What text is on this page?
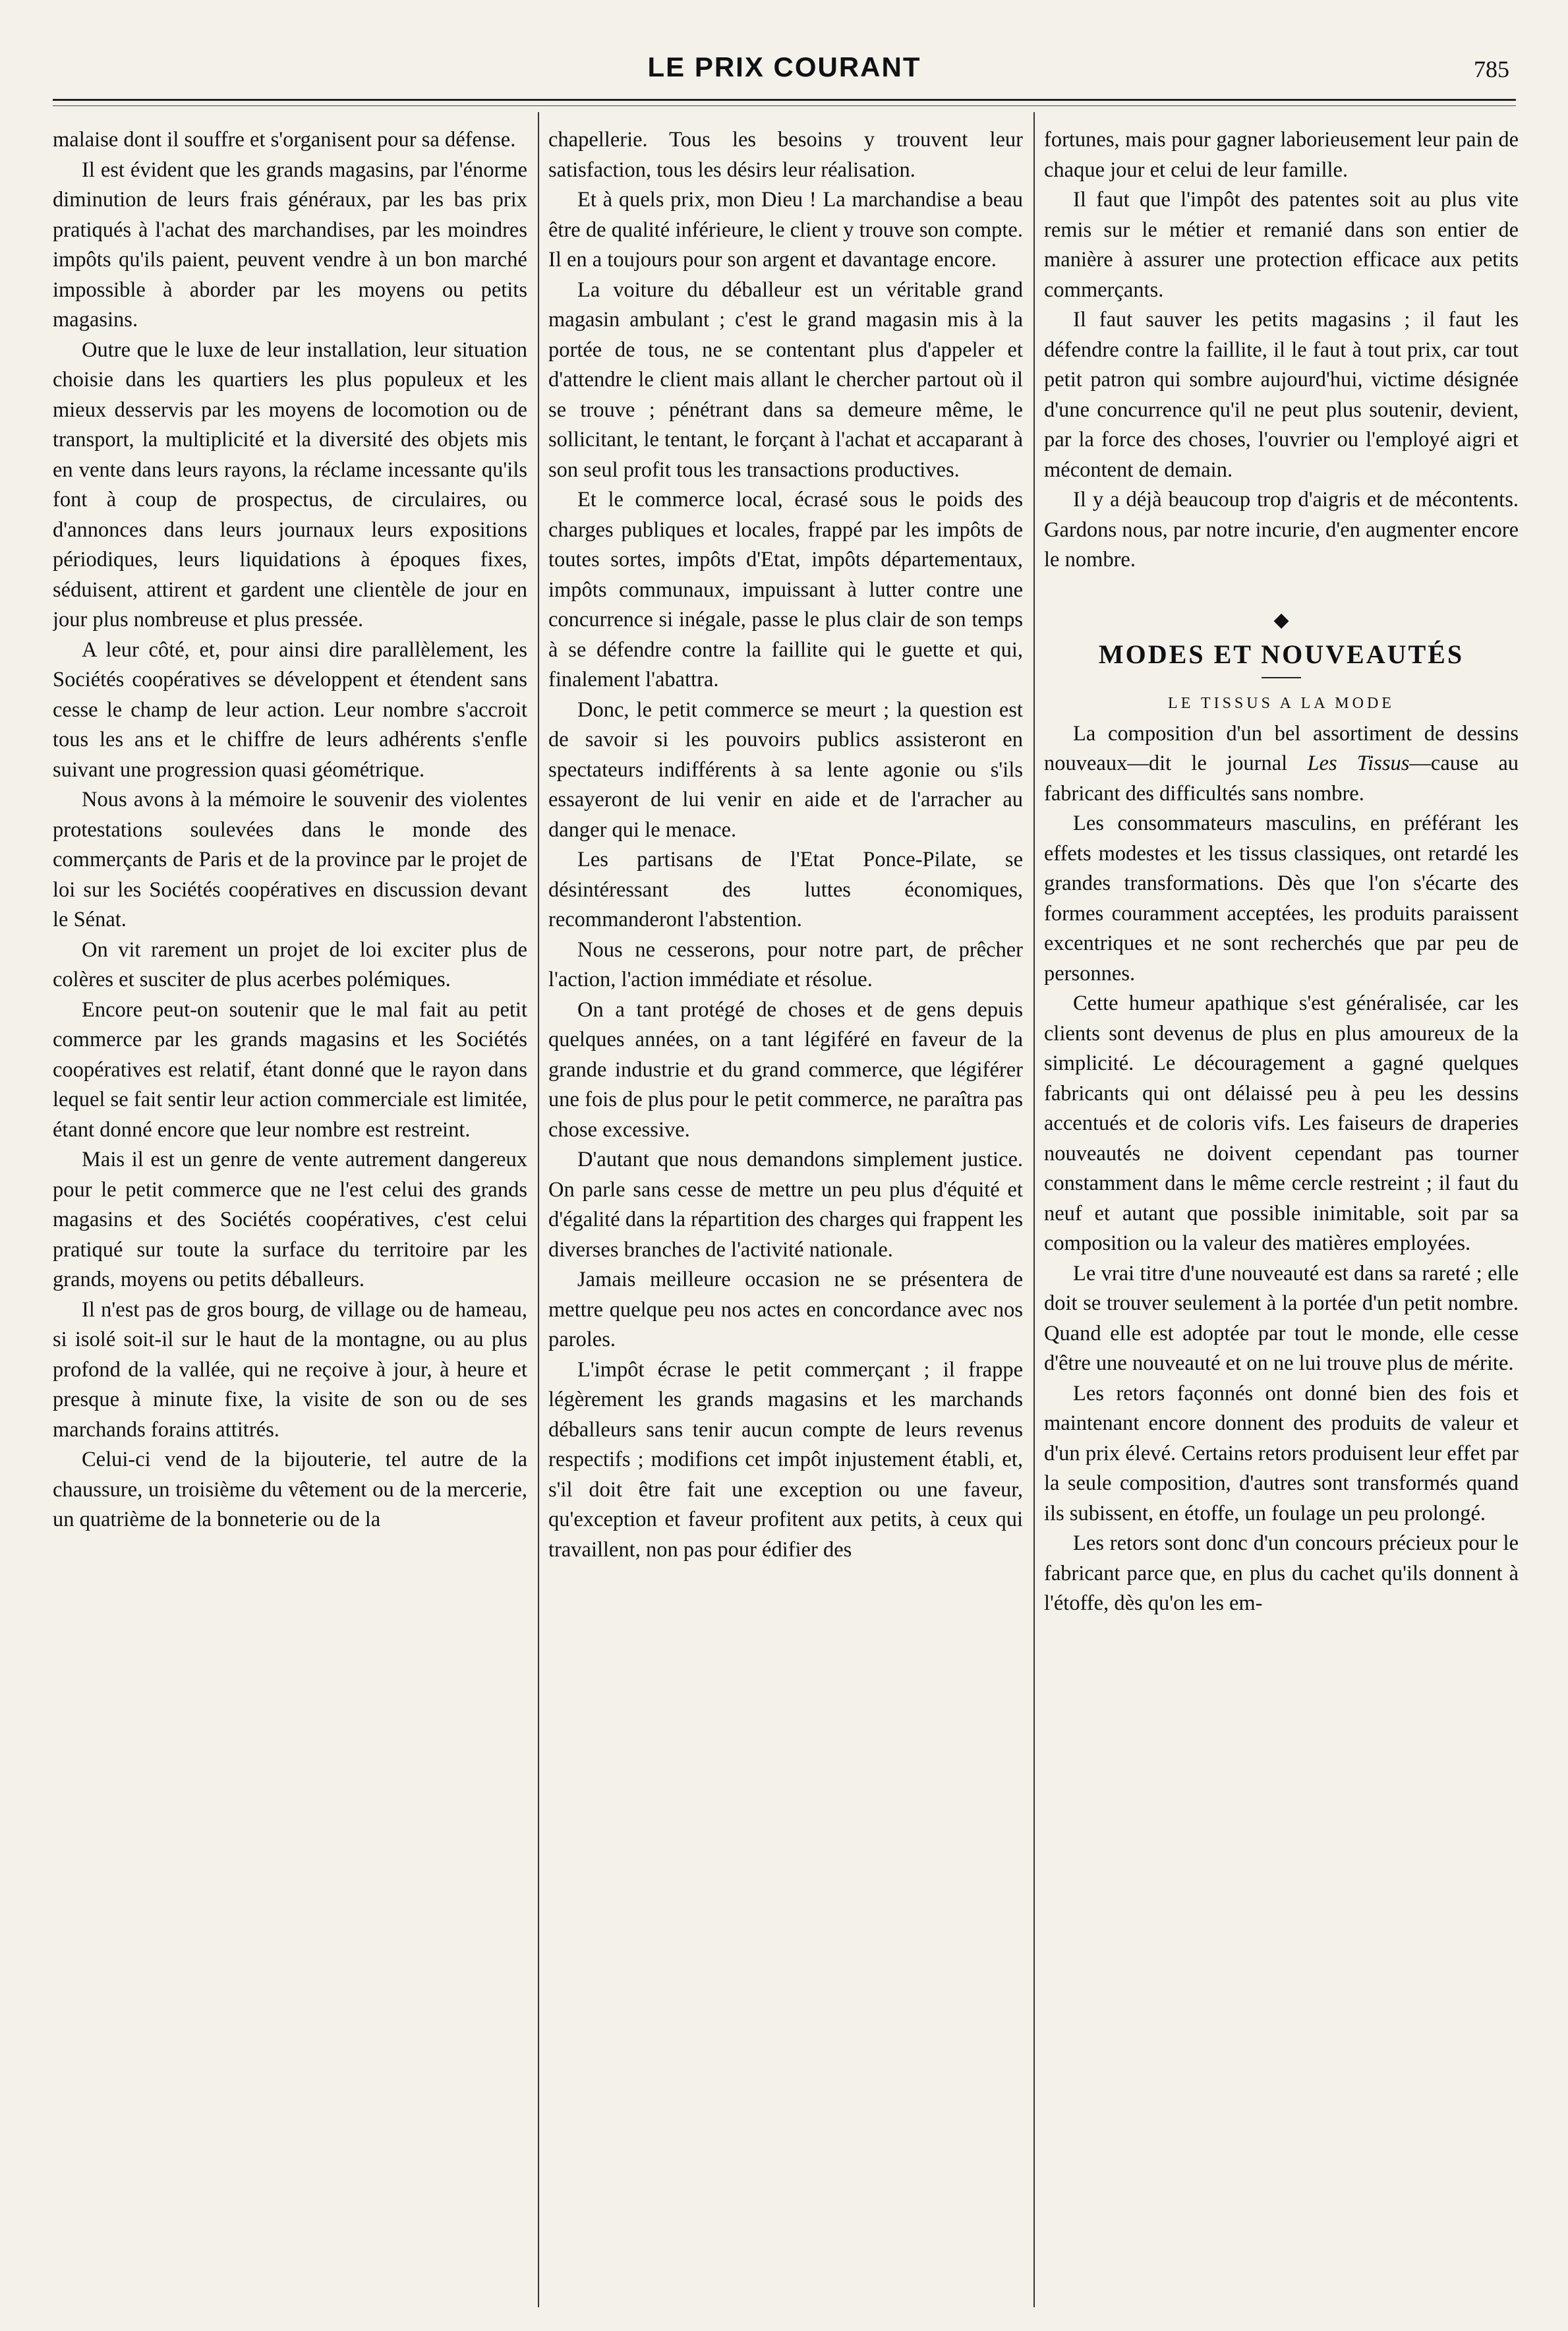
LE PRIX COURANT	785

malaise dont il souffre et s'organisent pour sa défense.

Il est évident que les grands magasins, par l'énorme diminution de leurs frais généraux, par les bas prix pratiqués à l'achat des marchandises, par les moindres impôts qu'ils paient, peuvent vendre à un bon marché impossible à aborder par les moyens ou petits magasins.

Outre que le luxe de leur installation, leur situation choisie dans les quartiers les plus populeux et les mieux desservis par les moyens de locomotion ou de transport, la multiplicité et la diversité des objets mis en vente dans leurs rayons, la réclame incessante qu'ils font à coup de prospectus, de circulaires, ou d'annonces dans leurs journaux leurs expositions périodiques, leurs liquidations à époques fixes, séduisent, attirent et gardent une clientèle de jour en jour plus nombreuse et plus pressée.

A leur côté, et, pour ainsi dire parallèlement, les Sociétés coopératives se développent et étendent sans cesse le champ de leur action. Leur nombre s'accroit tous les ans et le chiffre de leurs adhérents s'enfle suivant une progression quasi géométrique.

Nous avons à la mémoire le souvenir des violentes protestations soulevées dans le monde des commerçants de Paris et de la province par le projet de loi sur les Sociétés coopératives en discussion devant le Sénat.

On vit rarement un projet de loi exciter plus de colères et susciter de plus acerbes polémiques.

Encore peut-on soutenir que le mal fait au petit commerce par les grands magasins et les Sociétés coopératives est relatif, étant donné que le rayon dans lequel se fait sentir leur action commerciale est limitée, étant donné encore que leur nombre est restreint.

Mais il est un genre de vente autrement dangereux pour le petit commerce que ne l'est celui des grands magasins et des Sociétés coopératives, c'est celui pratiqué sur toute la surface du territoire par les grands, moyens ou petits déballeurs.

Il n'est pas de gros bourg, de village ou de hameau, si isolé soit-il sur le haut de la montagne, ou au plus profond de la vallée, qui ne reçoive à jour, à heure et presque à minute fixe, la visite de son ou de ses marchands forains attitrés.

Celui-ci vend de la bijouterie, tel autre de la chaussure, un troisième du vêtement ou de la mercerie, un quatrième de la bonneterie ou de la

chapellerie. Tous les besoins y trouvent leur satisfaction, tous les désirs leur réalisation.

Et à quels prix, mon Dieu ! La marchandise a beau être de qualité inférieure, le client y trouve son compte. Il en a toujours pour son argent et davantage encore.

La voiture du déballeur est un véritable grand magasin ambulant ; c'est le grand magasin mis à la portée de tous, ne se contentant plus d'appeler et d'attendre le client mais allant le chercher partout où il se trouve ; pénétrant dans sa demeure même, le sollicitant, le tentant, le forçant à l'achat et accaparant à son seul profit tous les transactions productives.

Et le commerce local, écrasé sous le poids des charges publiques et locales, frappé par les impôts de toutes sortes, impôts d'Etat, impôts départementaux, impôts communaux, impuissant à lutter contre une concurrence si inégale, passe le plus clair de son temps à se défendre contre la faillite qui le guette et qui, finalement l'abattra.

Donc, le petit commerce se meurt ; la question est de savoir si les pouvoirs publics assisteront en spectateurs indifférents à sa lente agonie ou s'ils essayeront de lui venir en aide et de l'arracher au danger qui le menace.

Les partisans de l'Etat Ponce-Pilate, se désintéressant des luttes économiques, recommanderont l'abstention.

Nous ne cesserons, pour notre part, de prêcher l'action, l'action immédiate et résolue.

On a tant protégé de choses et de gens depuis quelques années, on a tant légiféré en faveur de la grande industrie et du grand commerce, que légiférer une fois de plus pour le petit commerce, ne paraîtra pas chose excessive.

D'autant que nous demandons simplement justice. On parle sans cesse de mettre un peu plus d'équité et d'égalité dans la répartition des charges qui frappent les diverses branches de l'activité nationale.

Jamais meilleure occasion ne se présentera de mettre quelque peu nos actes en concordance avec nos paroles.

L'impôt écrase le petit commerçant ; il frappe légèrement les grands magasins et les marchands déballeurs sans tenir aucun compte de leurs revenus respectifs ; modifions cet impôt injustement établi, et, s'il doit être fait une exception ou une faveur, qu'exception et faveur profitent aux petits, à ceux qui travaillent, non pas pour édifier des

fortunes, mais pour gagner laborieusement leur pain de chaque jour et celui de leur famille.

Il faut que l'impôt des patentes soit au plus vite remis sur le métier et remanié dans son entier de manière à assurer une protection efficace aux petits commerçants.

Il faut sauver les petits magasins ; il faut les défendre contre la faillite, il le faut à tout prix, car tout petit patron qui sombre aujourd'hui, victime désignée d'une concurrence qu'il ne peut plus soutenir, devient, par la force des choses, l'ouvrier ou l'employé aigri et mécontent de demain.

Il y a déjà beaucoup trop d'aigris et de mécontents. Gardons nous, par notre incurie, d'en augmenter encore le nombre.

◆
MODES ET NOUVEAUTÉS
LE TISSUS A LA MODE

La composition d'un bel assortiment de dessins nouveaux—dit le journal Les Tissus—cause au fabricant des difficultés sans nombre.

Les consommateurs masculins, en préférant les effets modestes et les tissus classiques, ont retardé les grandes transformations. Dès que l'on s'écarte des formes couramment acceptées, les produits paraissent excentriques et ne sont recherchés que par peu de personnes.

Cette humeur apathique s'est généralisée, car les clients sont devenus de plus en plus amoureux de la simplicité. Le découragement a gagné quelques fabricants qui ont délaissé peu à peu les dessins accentués et de coloris vifs. Les faiseurs de draperies nouveautés ne doivent cependant pas tourner constamment dans le même cercle restreint ; il faut du neuf et autant que possible inimitable, soit par sa composition ou la valeur des matières employées.

Le vrai titre d'une nouveauté est dans sa rareté ; elle doit se trouver seulement à la portée d'un petit nombre. Quand elle est adoptée par tout le monde, elle cesse d'être une nouveauté et on ne lui trouve plus de mérite.

Les retors façonnés ont donné bien des fois et maintenant encore donnent des produits de valeur et d'un prix élevé. Certains retors produisent leur effet par la seule composition, d'autres sont transformés quand ils subissent, en étoffe, un foulage un peu prolongé.

Les retors sont donc d'un concours précieux pour le fabricant parce que, en plus du cachet qu'ils donnent à l'étoffe, dès qu'on les em-
